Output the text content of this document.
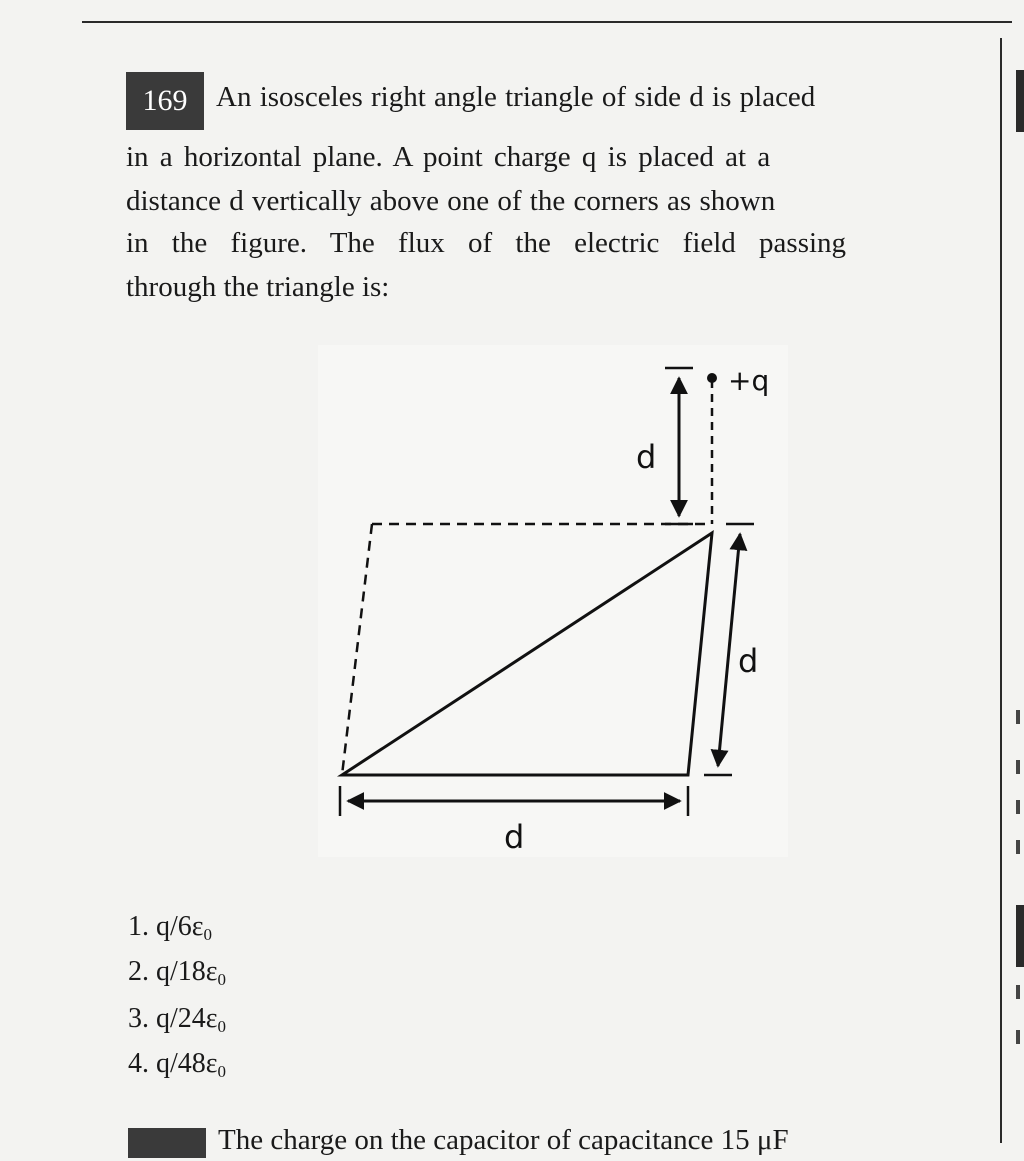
169 An isosceles right angle triangle of side d is placed
in a horizontal plane. A point charge q is placed at a
distance d vertically above one of the corners as shown
in the figure. The flux of the electric field passing
through the triangle is:
+q
d
d
d
1. $q/6\varepsilon_0$
2. $q/18\varepsilon_0$
3. $q/24\varepsilon_0$
4. $q/48\varepsilon_0$
The charge on the capacitor of capacitance 15 μF
